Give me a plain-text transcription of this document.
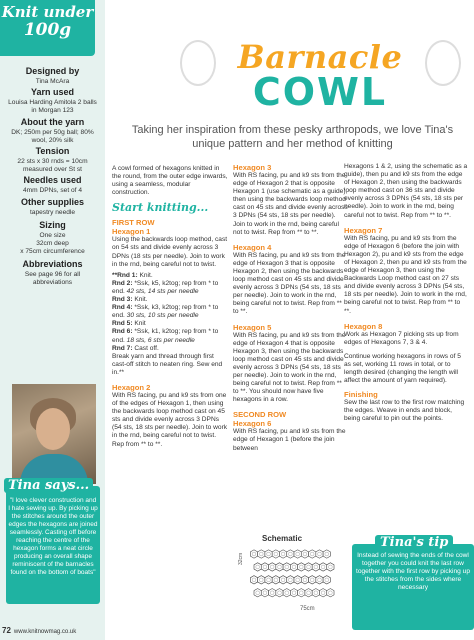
Knit under
100g
Designed by
Tina McAra
Yarn used
Louisa Harding Amitola 2 balls in Morgan 123
About the yarn
DK; 250m per 50g ball; 80% wool, 20% silk
Tension
22 sts x 30 rnds = 10cm measured over St st
Needles used
4mm DPNs, set of 4
Other supplies
tapestry needle
Sizing
One size
32cm deep
x 75cm circumference
Abbreviations
See page 96 for all abbreviations
Tina says...
"I love clever construction and I hate sewing up. By picking up the stitches around the outer edges the hexagons are joined seamlessly. Casting off before reaching the centre of the hexagon forms a neat circle producing an overall shape reminiscent of the barnacles found on the bottom of boats"
Barnacle
COWL
Taking her inspiration from these pesky arthropods, we love Tina's unique pattern and her method of knitting

A cowl formed of hexagons knitted in the round, from the outer edge inwards, using a seamless, modular construction.

Start knitting...
FIRST ROW
Hexagon 1

Using the backwards loop method, cast on 54 sts and divide evenly across 3 DPNs (18 sts per needle). Join to work in the rnd, being careful not to twist.

**Rnd 1: Knit.
Rnd 2: *Ssk, k5, k2tog; rep from * to end. 42 sts, 14 sts per needle
Rnd 3: Knit.
Rnd 4: *Ssk, k3, k2tog; rep from * to end. 30 sts, 10 sts per needle
Rnd 5: Knit
Rnd 6: *Ssk, k1, k2tog; rep from * to end. 18 sts, 6 sts per needle
Rnd 7: Cast off.

Break yarn and thread through first cast-off stitch to neaten ring. Sew end in.**

Hexagon 2

With RS facing, pu and k9 sts from one of the edges of Hexagon 1, then using the backwards loop method cast on 45 sts and divide evenly across 3 DPNs (54 sts, 18 sts per needle). Join to work in the rnd, being careful not to twist. Rep from ** to **.

Hexagon 3

With RS facing, pu and k9 sts from the edge of Hexagon 2 that is opposite Hexagon 1 (use schematic as a guide), then using the backwards loop method cast on 45 sts and divide evenly across 3 DPNs (54 sts, 18 sts per needle). Join to work in the rnd, being careful not to twist. Rep from ** to **.

Hexagon 4

With RS facing, pu and k9 sts from the edge of Hexagon 3 that is opposite Hexagon 2, then using the backwards loop method cast on 45 sts and divide evenly across 3 DPNs (54 sts, 18 sts per needle). Join to work in the rnd, being careful not to twist. Rep from ** to **.

Hexagon 5

With RS facing, pu and k9 sts from the edge of Hexagon 4 that is opposite Hexagon 3, then using the backwards loop method cast on 45 sts and divide evenly across 3 DPNs (54 sts, 18 sts per needle). Join to work in the rnd, being careful not to twist. Rep from ** to **. You should now have five hexagons in a row.

SECOND ROW
Hexagon 6

With RS facing, pu and k9 sts from the edge of Hexagon 1 (before the join between

Hexagons 1 & 2, using the schematic as a guide), then pu and k9 sts from the edge of Hexagon 2, then using the backwards loop method cast on 36 sts and divide evenly across 3 DPNs (54 sts, 18 sts per needle). Join to work in the rnd, being careful not to twist. Rep from ** to **.

Hexagon 7

With RS facing, pu and k9 sts from the edge of Hexagon 6 (before the join with Hexagon 2), pu and k9 sts from the edge of Hexagon 2, then pu and k9 sts from the edge of Hexagon 3, then using the Backwards Loop method cast on 27 sts and divide evenly across 3 DPNs (54 sts, 18 sts per needle). Join to work in the rnd, being careful not to twist. Rep from ** to **.

Hexagon 8

Work as Hexagon 7 picking sts up from edges of Hexagons 7, 3 & 4.

Continue working hexagons in rows of 5 as set, working 11 rows in total, or to length desired (changing the length will affect the amount of yarn required).

Finishing

Sew the last row to the first row matching the edges. Weave in ends and block, being careful to pin out the points.

Schematic
32cm
75cm
Tina's tip
Instead of sewing the ends of the cowl together you could knit the last row together with the first row by picking up the stitches from the sides where necessary
72 www.knitnowmag.co.uk
